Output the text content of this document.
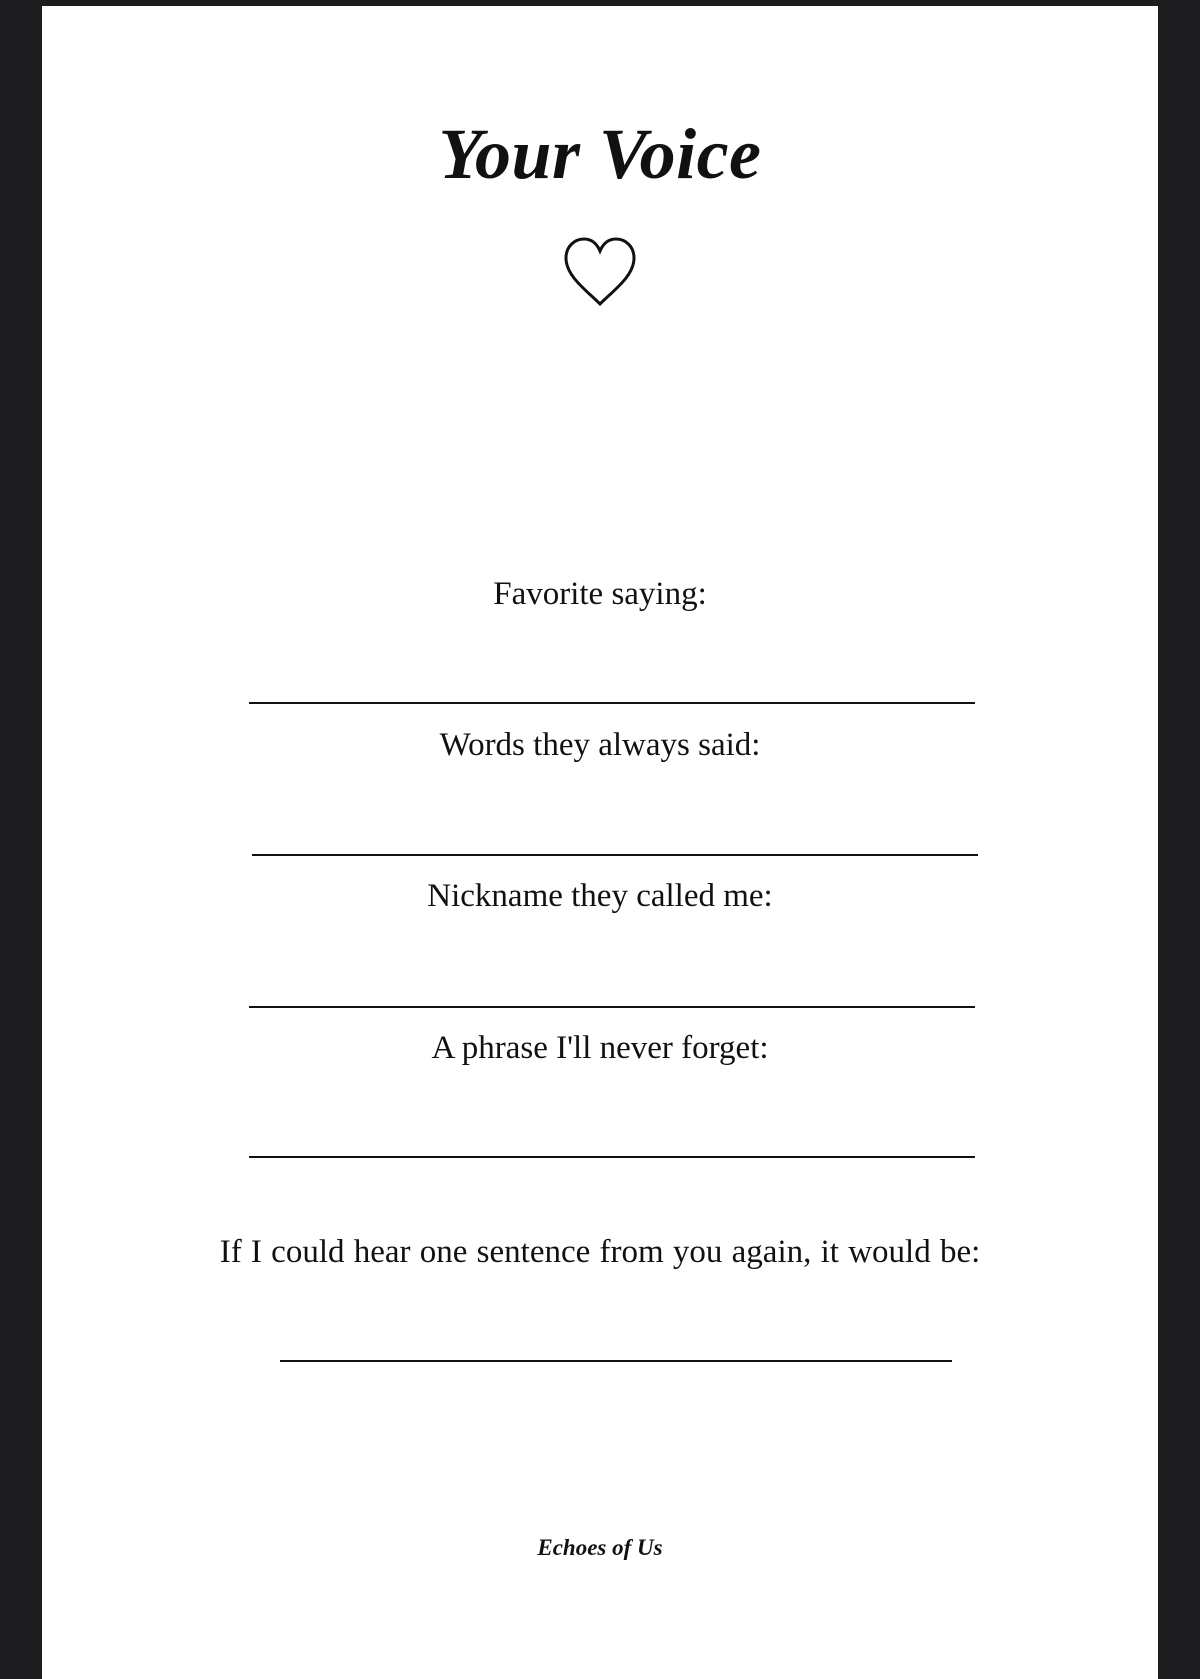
Your Voice
Favorite saying:
Words they always said:
Nickname they called me:
A phrase I'll never forget:
If I could hear one sentence from you again, it would be:
Echoes of Us
